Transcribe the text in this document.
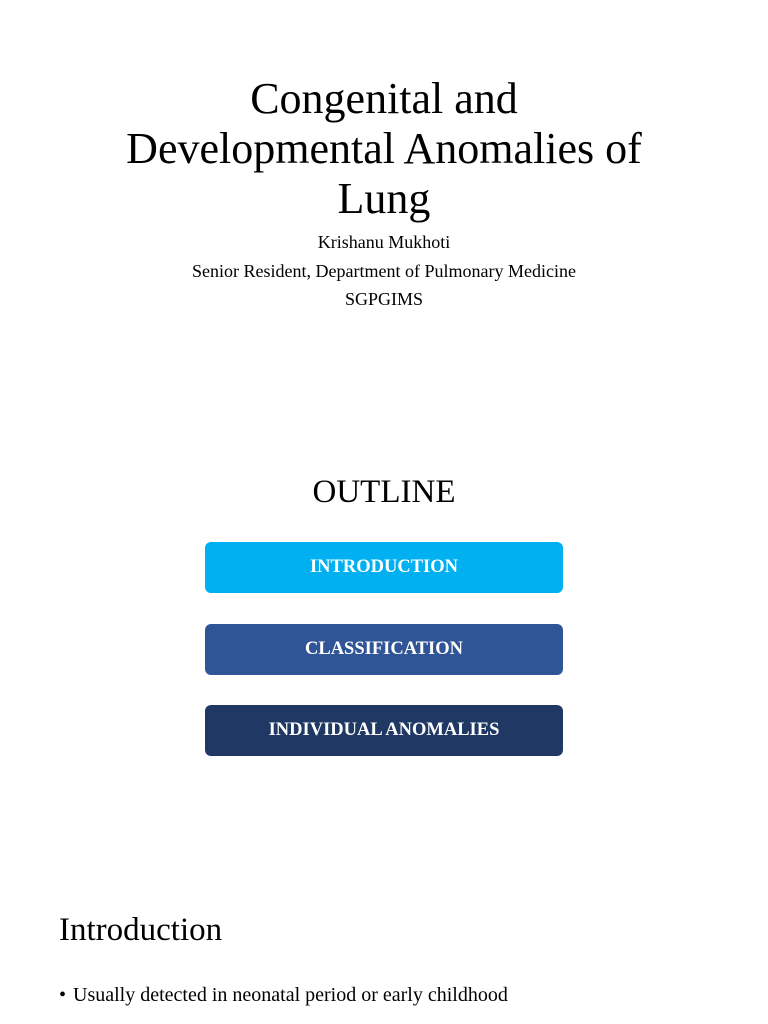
Congenital and
Developmental Anomalies of
Lung
Krishanu Mukhoti
Senior Resident, Department of Pulmonary Medicine
SGPGIMS
OUTLINE
INTRODUCTION
CLASSIFICATION
INDIVIDUAL ANOMALIES
Introduction
• Usually detected in neonatal period or early childhood
